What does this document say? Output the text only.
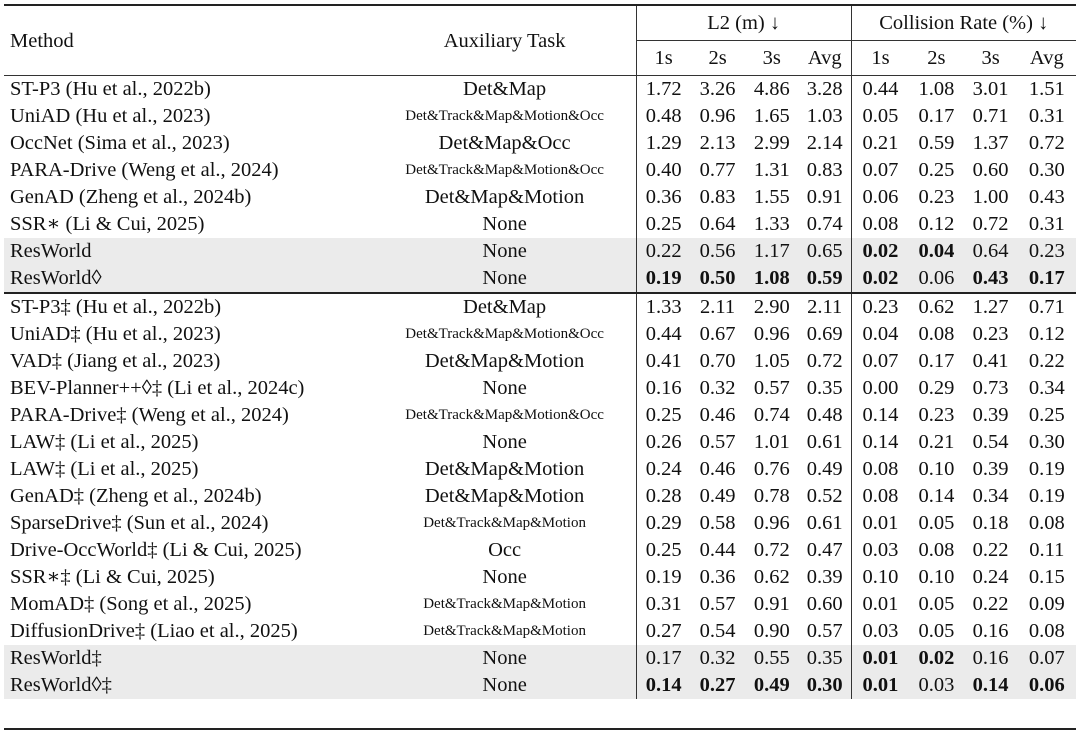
Method	Auxiliary Task	L2 (m) ↓				Collision Rate (%) ↓			
		1s	2s	3s	Avg	1s	2s	3s	Avg
ST-P3 (Hu et al., 2022b)	Det&Map	1.72	3.26	4.86	3.28	0.44	1.08	3.01	1.51
UniAD (Hu et al., 2023)	Det&Track&Map&Motion&Occ	0.48	0.96	1.65	1.03	0.05	0.17	0.71	0.31
OccNet (Sima et al., 2023)	Det&Map&Occ	1.29	2.13	2.99	2.14	0.21	0.59	1.37	0.72
PARA-Drive (Weng et al., 2024)	Det&Track&Map&Motion&Occ	0.40	0.77	1.31	0.83	0.07	0.25	0.60	0.30
GenAD (Zheng et al., 2024b)	Det&Map&Motion	0.36	0.83	1.55	0.91	0.06	0.23	1.00	0.43
SSR∗ (Li & Cui, 2025)	None	0.25	0.64	1.33	0.74	0.08	0.12	0.72	0.31
ResWorld	None	0.22	0.56	1.17	0.65	0.02	0.04	0.64	0.23
ResWorld◊	None	0.19	0.50	1.08	0.59	0.02	0.06	0.43	0.17
ST-P3‡ (Hu et al., 2022b)	Det&Map	1.33	2.11	2.90	2.11	0.23	0.62	1.27	0.71
UniAD‡ (Hu et al., 2023)	Det&Track&Map&Motion&Occ	0.44	0.67	0.96	0.69	0.04	0.08	0.23	0.12
VAD‡ (Jiang et al., 2023)	Det&Map&Motion	0.41	0.70	1.05	0.72	0.07	0.17	0.41	0.22
BEV-Planner++◊‡ (Li et al., 2024c)	None	0.16	0.32	0.57	0.35	0.00	0.29	0.73	0.34
PARA-Drive‡ (Weng et al., 2024)	Det&Track&Map&Motion&Occ	0.25	0.46	0.74	0.48	0.14	0.23	0.39	0.25
LAW‡ (Li et al., 2025)	None	0.26	0.57	1.01	0.61	0.14	0.21	0.54	0.30
LAW‡ (Li et al., 2025)	Det&Map&Motion	0.24	0.46	0.76	0.49	0.08	0.10	0.39	0.19
GenAD‡ (Zheng et al., 2024b)	Det&Map&Motion	0.28	0.49	0.78	0.52	0.08	0.14	0.34	0.19
SparseDrive‡ (Sun et al., 2024)	Det&Track&Map&Motion	0.29	0.58	0.96	0.61	0.01	0.05	0.18	0.08
Drive-OccWorld‡ (Li & Cui, 2025)	Occ	0.25	0.44	0.72	0.47	0.03	0.08	0.22	0.11
SSR∗‡ (Li & Cui, 2025)	None	0.19	0.36	0.62	0.39	0.10	0.10	0.24	0.15
MomAD‡ (Song et al., 2025)	Det&Track&Map&Motion	0.31	0.57	0.91	0.60	0.01	0.05	0.22	0.09
DiffusionDrive‡ (Liao et al., 2025)	Det&Track&Map&Motion	0.27	0.54	0.90	0.57	0.03	0.05	0.16	0.08
ResWorld‡	None	0.17	0.32	0.55	0.35	0.01	0.02	0.16	0.07
ResWorld◊‡	None	0.14	0.27	0.49	0.30	0.01	0.03	0.14	0.06
